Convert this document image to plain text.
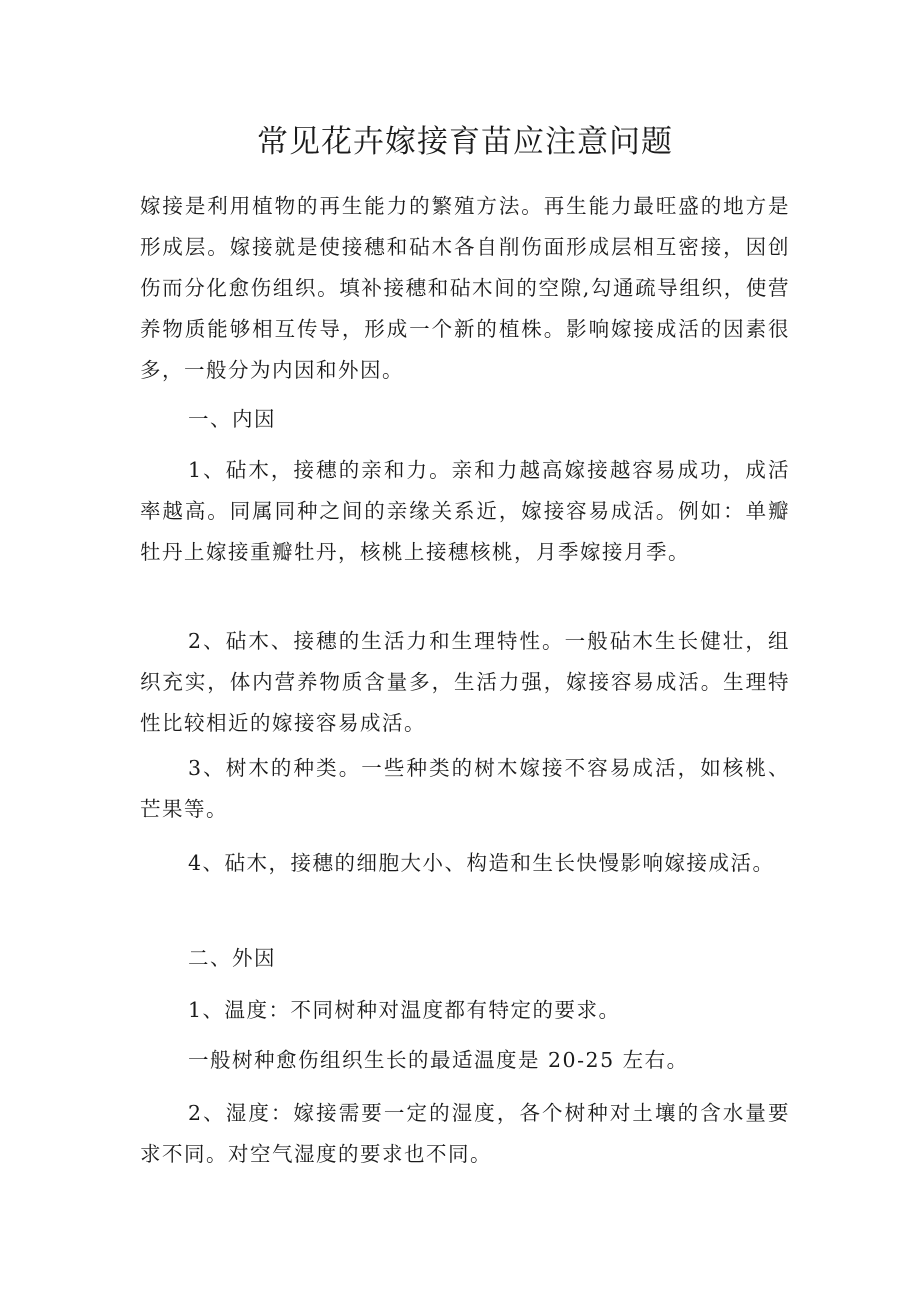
常见花卉嫁接育苗应注意问题

嫁接是利用植物的再生能力的繁殖方法。再生能力最旺盛的地方是形成层。嫁接就是使接穗和砧木各自削伤面形成层相互密接，因创伤而分化愈伤组织。填补接穗和砧木间的空隙,勾通疏导组织，使营养物质能够相互传导，形成一个新的植株。影响嫁接成活的因素很多，一般分为内因和外因。

一、内因

1、砧木，接穗的亲和力。亲和力越高嫁接越容易成功，成活率越高。同属同种之间的亲缘关系近，嫁接容易成活。例如：单瓣牡丹上嫁接重瓣牡丹，核桃上接穗核桃，月季嫁接月季。

2、砧木、接穗的生活力和生理特性。一般砧木生长健壮，组织充实，体内营养物质含量多，生活力强，嫁接容易成活。生理特性比较相近的嫁接容易成活。

3、树木的种类。一些种类的树木嫁接不容易成活，如核桃、芒果等。

4、砧木，接穗的细胞大小、构造和生长快慢影响嫁接成活。

二、外因

1、温度：不同树种对温度都有特定的要求。

一般树种愈伤组织生长的最适温度是 20-25 左右。

2、湿度：嫁接需要一定的湿度，各个树种对土壤的含水量要求不同。对空气湿度的要求也不同。
